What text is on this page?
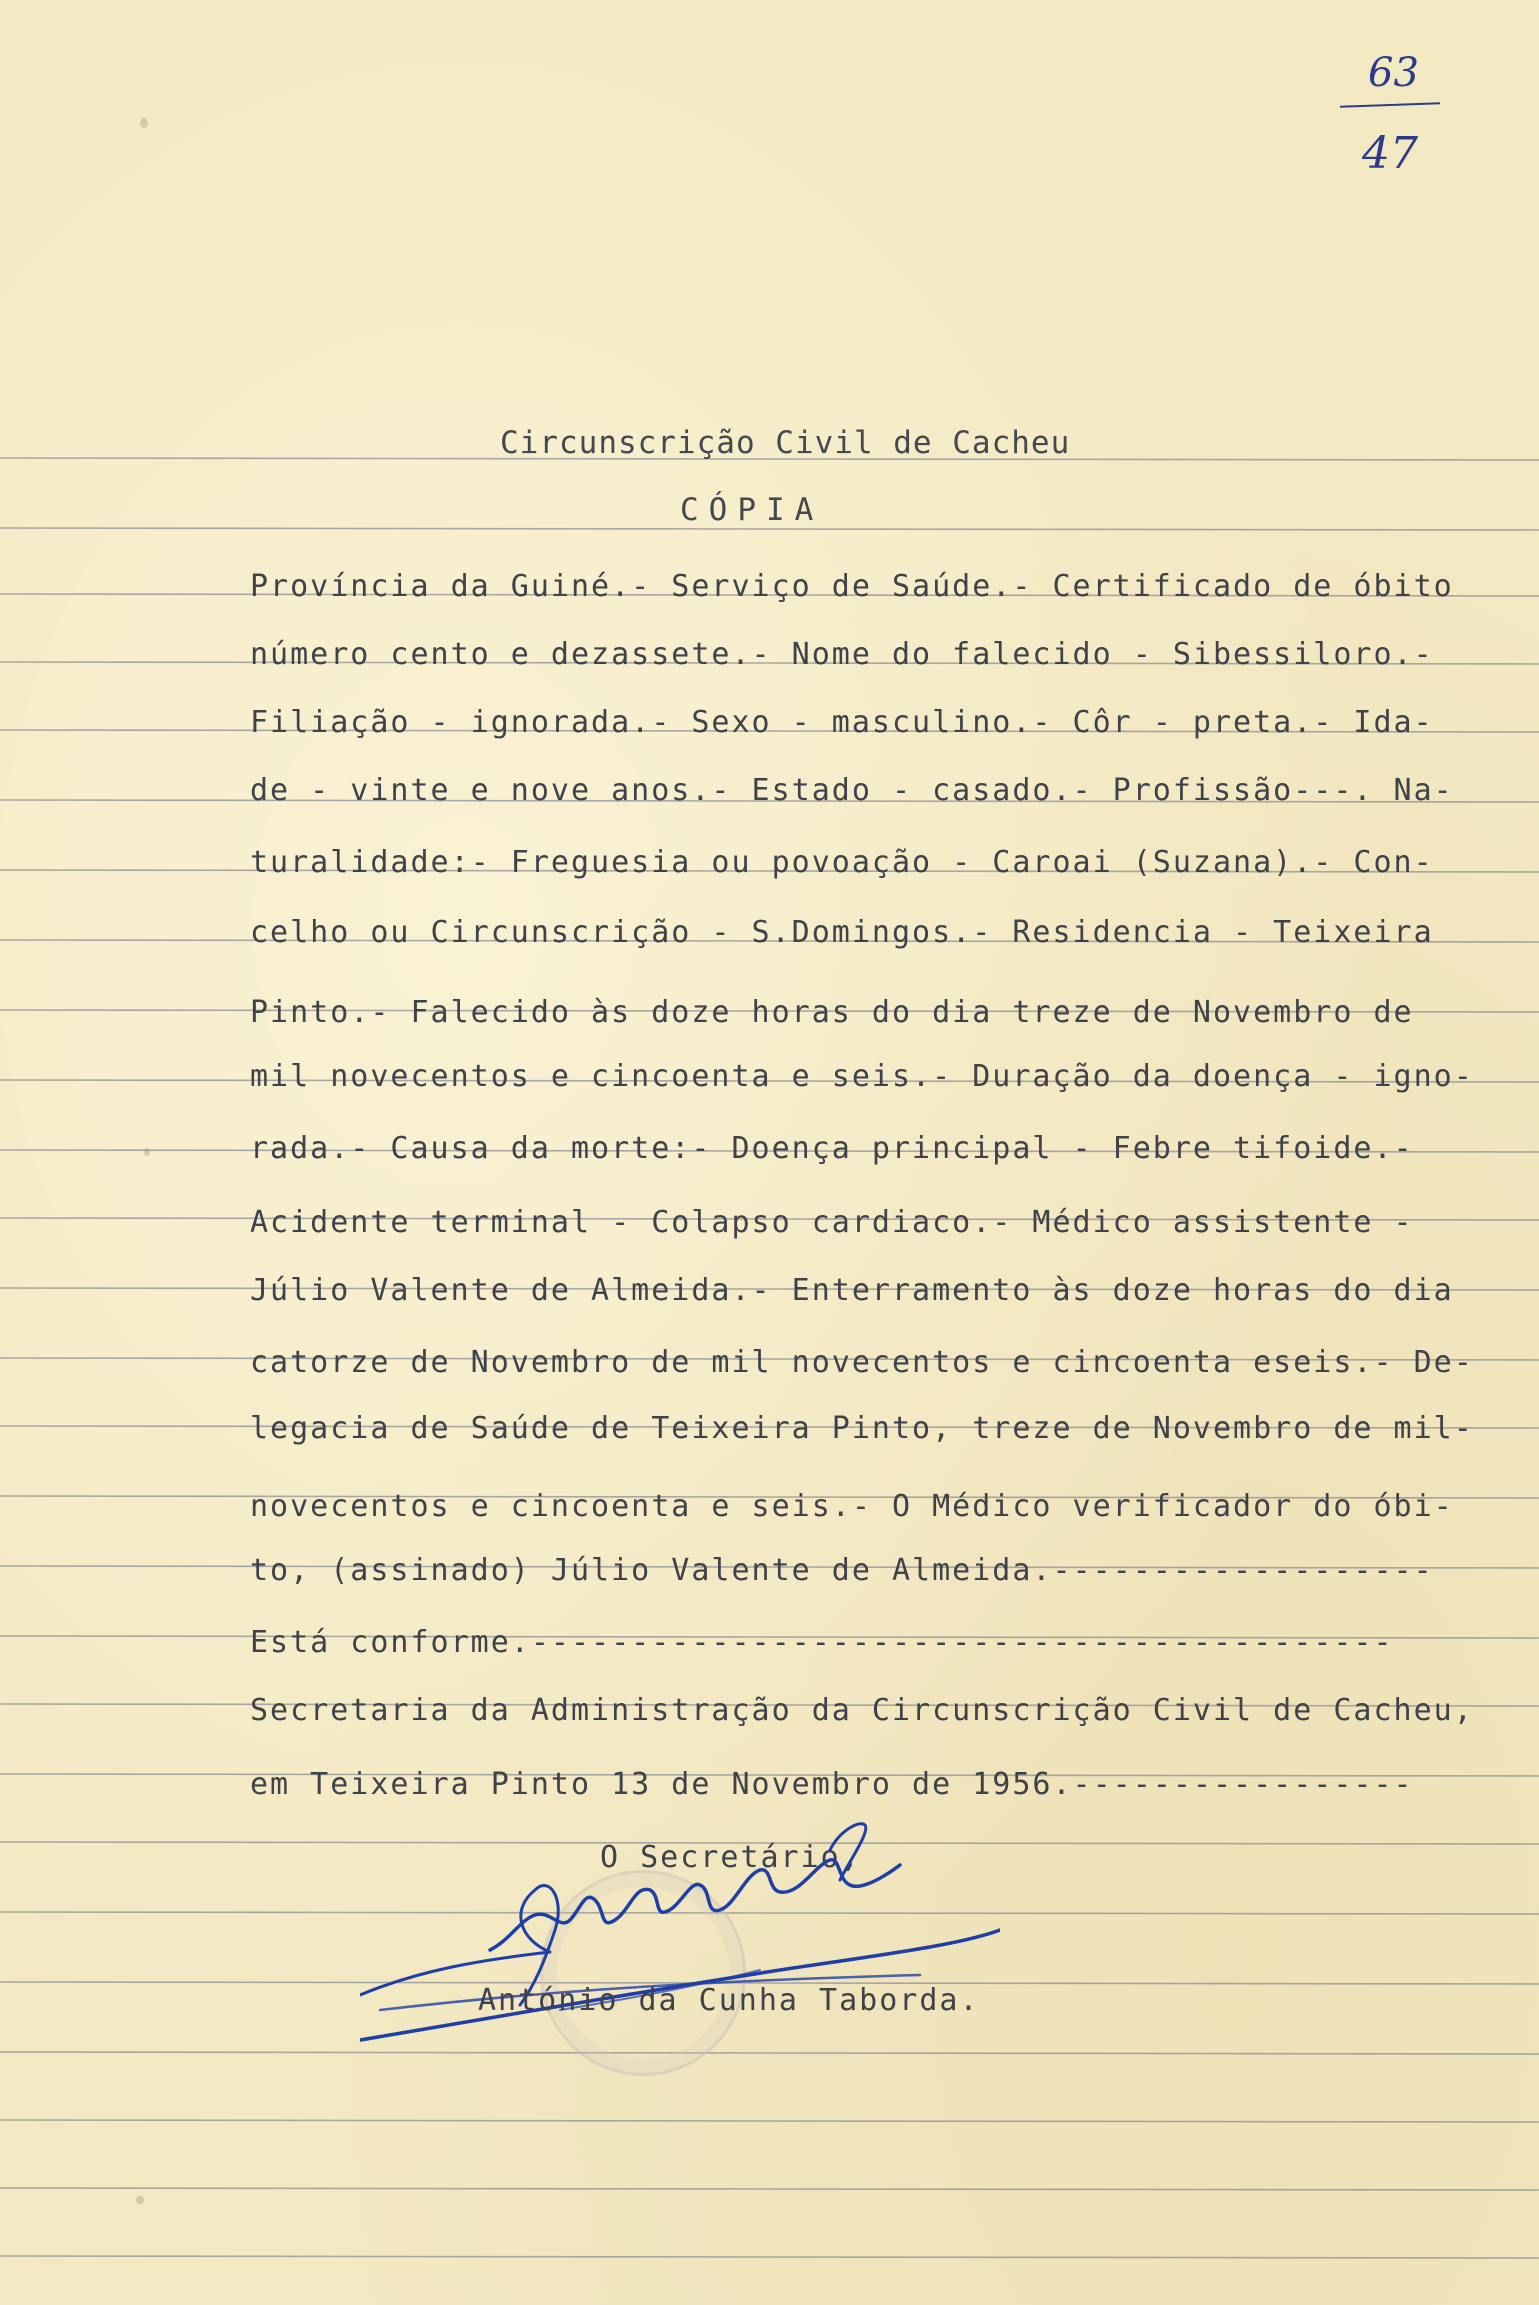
63
47
Circunscrição Civil de Cacheu
CÓPIA
Província da Guiné.- Serviço de Saúde.- Certificado de óbito
número cento e dezassete.- Nome do falecido - Sibessiloro.-
Filiação - ignorada.- Sexo - masculino.- Côr - preta.- Ida-
de - vinte e nove anos.- Estado - casado.- Profissão---. Na-
turalidade:- Freguesia ou povoação - Caroai (Suzana).- Con-
celho ou Circunscrição - S.Domingos.- Residencia - Teixeira
Pinto.- Falecido às doze horas do dia treze de Novembro de
mil novecentos e cincoenta e seis.- Duração da doença - igno-
rada.- Causa da morte:- Doença principal - Febre tifoide.-
Acidente terminal - Colapso cardiaco.- Médico assistente -
Júlio Valente de Almeida.- Enterramento às doze horas do dia
catorze de Novembro de mil novecentos e cincoenta eseis.- De-
legacia de Saúde de Teixeira Pinto, treze de Novembro de mil-
novecentos e cincoenta e seis.- O Médico verificador do óbi-
to, (assinado) Júlio Valente de Almeida.-------------------
Está conforme.-------------------------------------------
Secretaria da Administração da Circunscrição Civil de Cacheu,
em Teixeira Pinto 13 de Novembro de 1956.-----------------
O Secretário,
António da Cunha Taborda.
